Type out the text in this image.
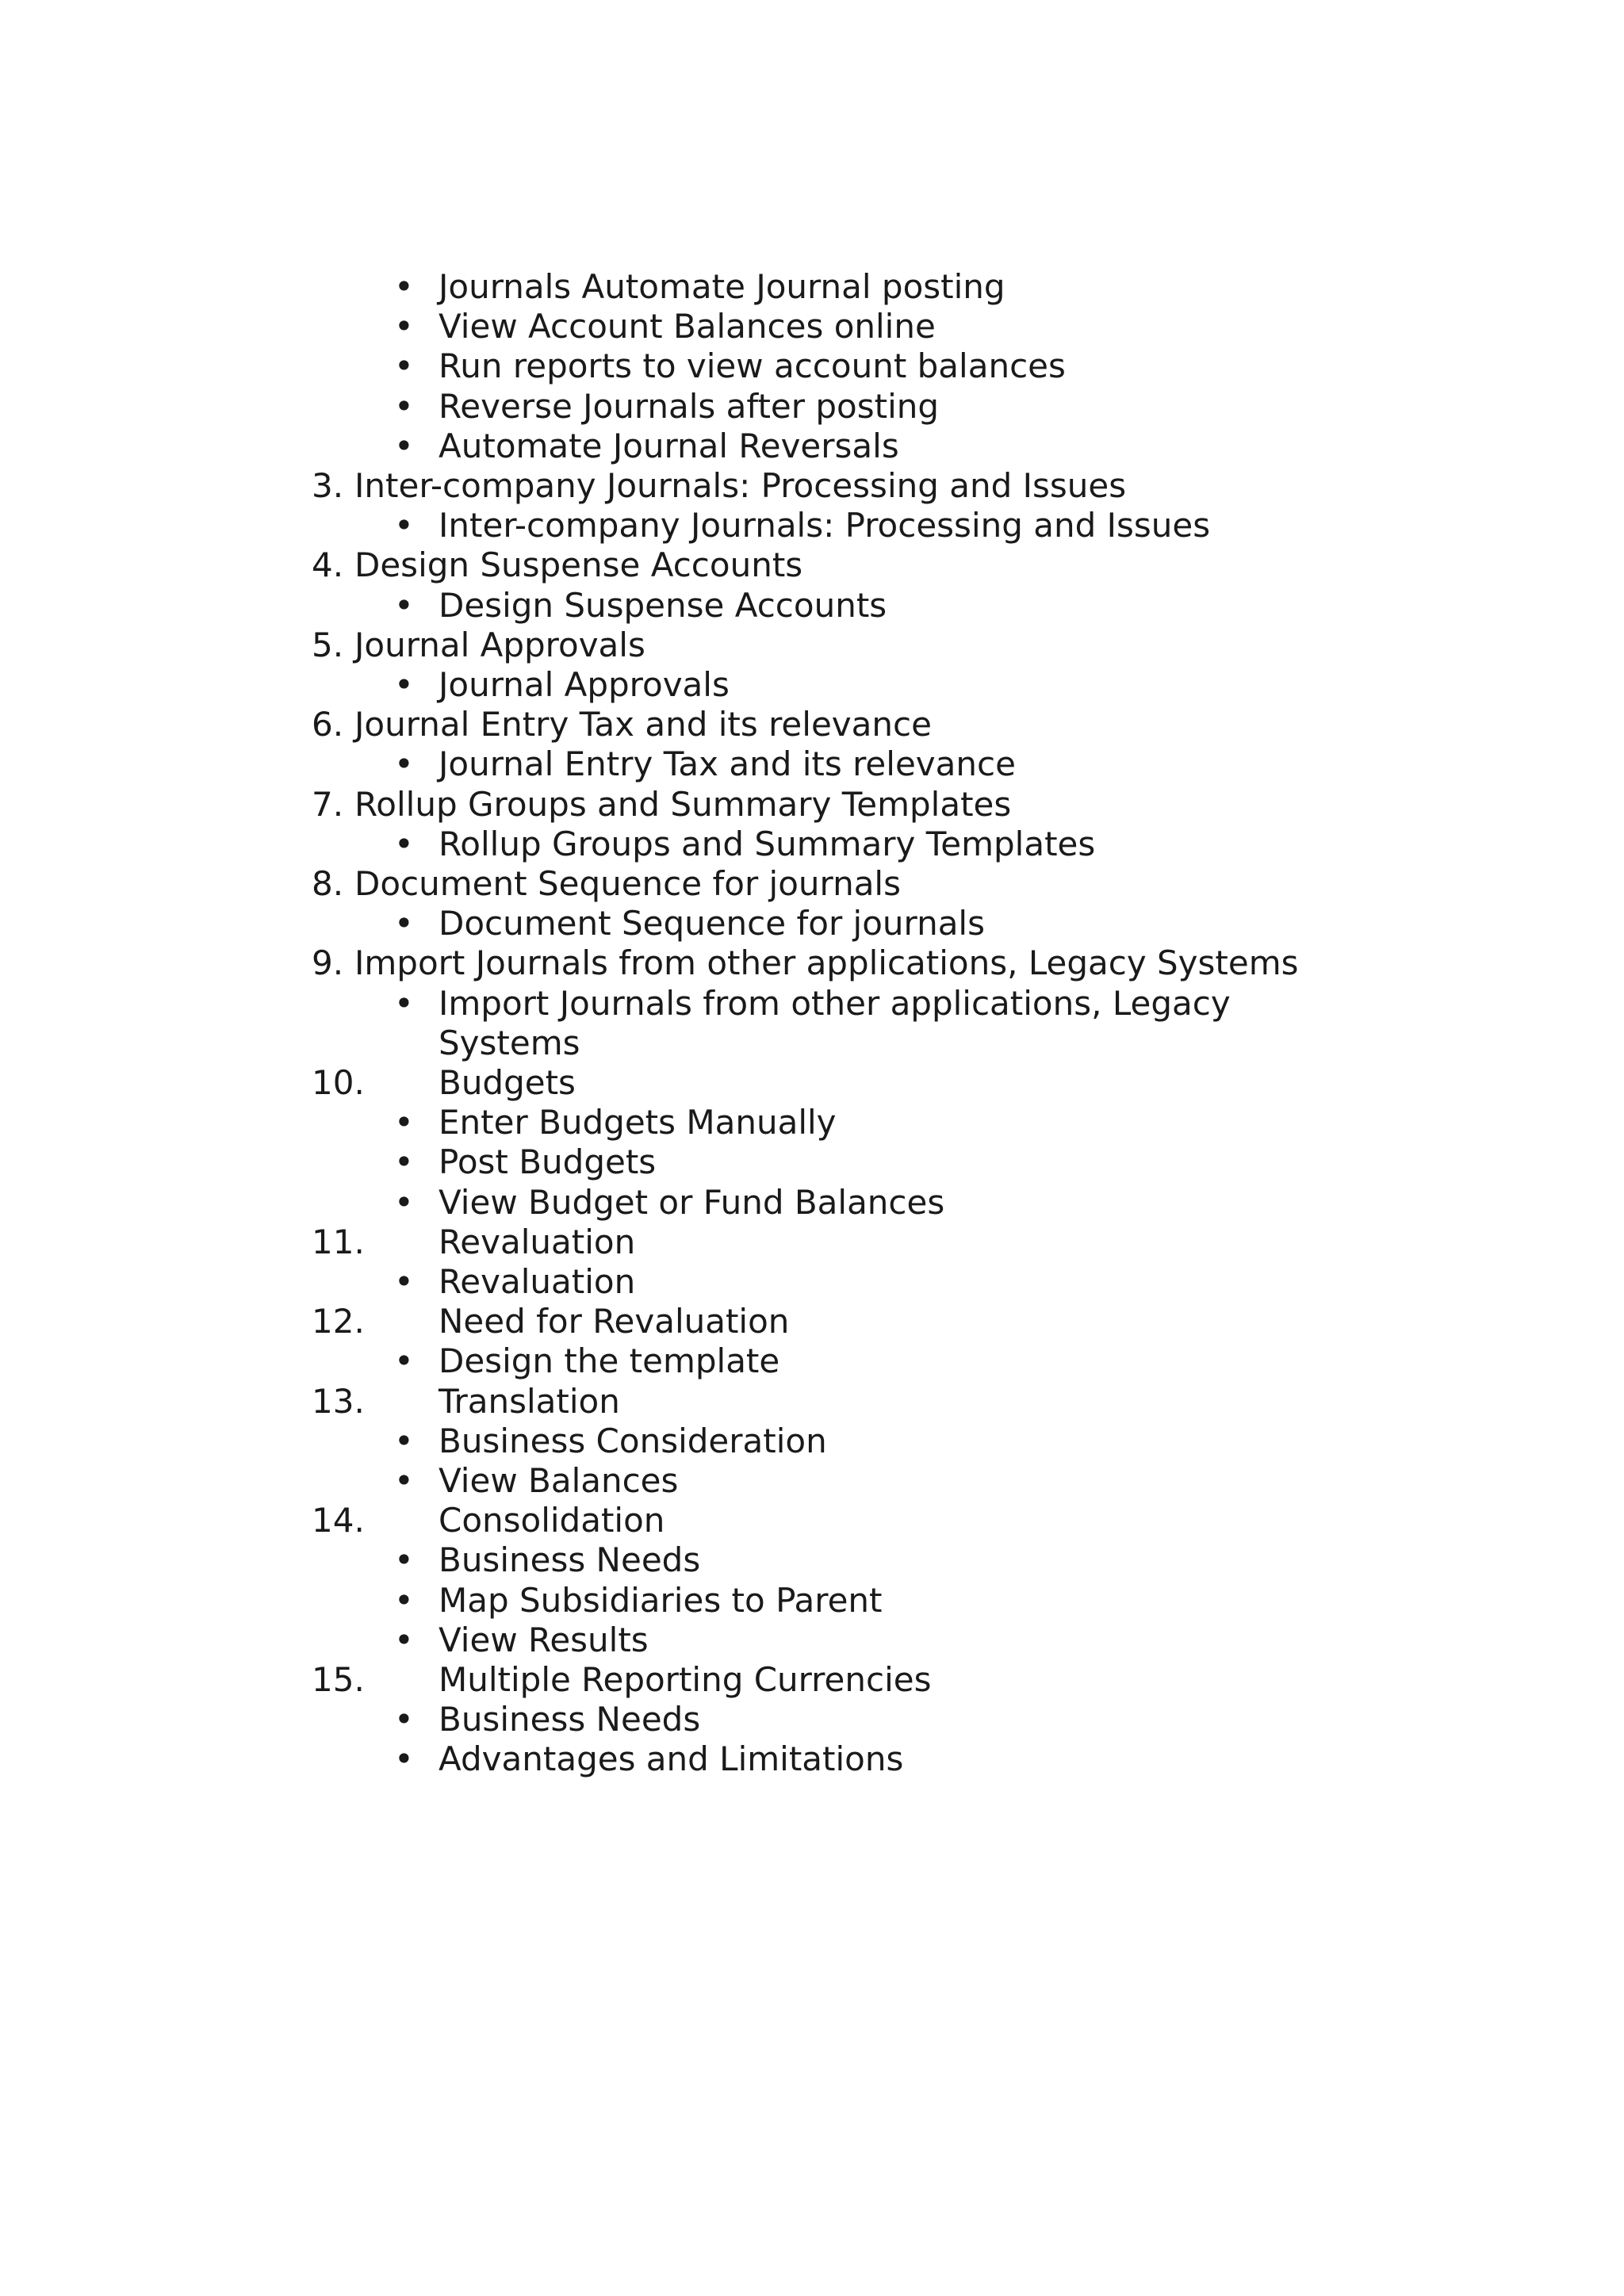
• Journals Automate Journal posting
• View Account Balances online
• Run reports to view account balances
• Reverse Journals after posting
• Automate Journal Reversals
3. Inter-company Journals: Processing and Issues
• Inter-company Journals: Processing and Issues
4. Design Suspense Accounts
• Design Suspense Accounts
5. Journal Approvals
• Journal Approvals
6. Journal Entry Tax and its relevance
• Journal Entry Tax and its relevance
7. Rollup Groups and Summary Templates
• Rollup Groups and Summary Templates
8. Document Sequence for journals
• Document Sequence for journals
9. Import Journals from other applications, Legacy Systems
• Import Journals from other applications, Legacy
Systems
10. Budgets
• Enter Budgets Manually
• Post Budgets
• View Budget or Fund Balances
11. Revaluation
• Revaluation
12. Need for Revaluation
• Design the template
13. Translation
• Business Consideration
• View Balances
14. Consolidation
• Business Needs
• Map Subsidiaries to Parent
• View Results
15. Multiple Reporting Currencies
• Business Needs
• Advantages and Limitations
